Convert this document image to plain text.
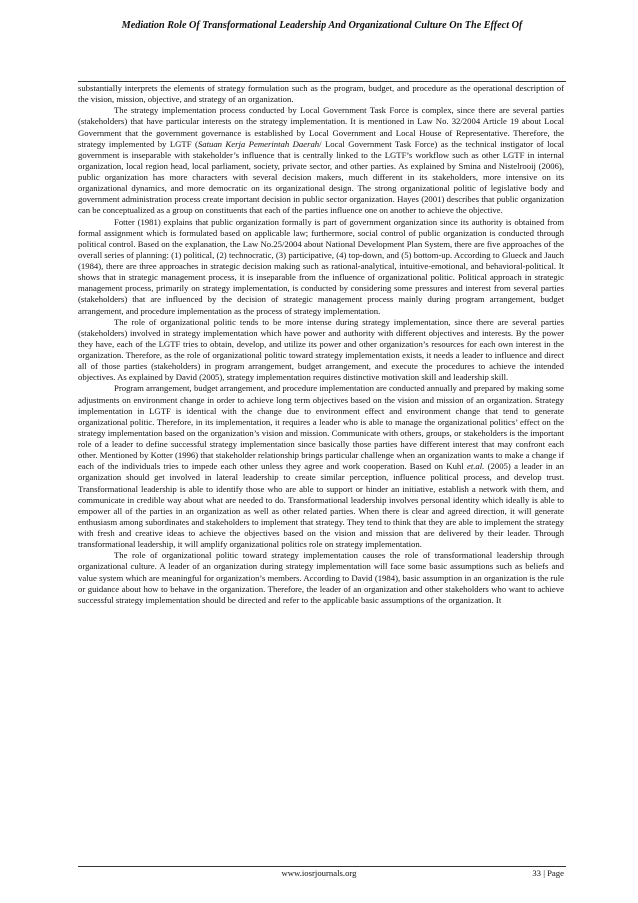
Mediation Role Of Transformational Leadership And Organizational Culture On The Effect Of

substantially interprets the elements of strategy formulation such as the program, budget, and procedure as the operational description of the vision, mission, objective, and strategy of an organization.

The strategy implementation process conducted by Local Government Task Force is complex, since there are several parties (stakeholders) that have particular interests on the strategy implementation. It is mentioned in Law No. 32/2004 Article 19 about Local Government that the government governance is established by Local Government and Local House of Representative. Therefore, the strategy implemented by LGTF (Satuan Kerja Pemerintah Daerah/ Local Government Task Force) as the technical instigator of local government is inseparable with stakeholder’s influence that is centrally linked to the LGTF’s workflow such as other LGTF in internal organization, local region head, local parliament, society, private sector, and other parties. As explained by Smina and Nistelrooij (2006), public organization has more characters with several decision makers, much different in its stakeholders, more intensive on its organizational dynamics, and more democratic on its organizational design. The strong organizational politic of legislative body and government administration process create important decision in public sector organization. Hayes (2001) describes that public organization can be conceptualized as a group on constituents that each of the parties influence one on another to achieve the objective.

Fotter (1981) explains that public organization formally is part of government organization since its authority is obtained from formal assignment which is formulated based on applicable law; furthermore, social control of public organization is conducted through political control. Based on the explanation, the Law No.25/2004 about National Development Plan System, there are five approaches of the overall series of planning: (1) political, (2) technocratic, (3) participative, (4) top-down, and (5) bottom-up. According to Glueck and Jauch (1984), there are three approaches in strategic decision making such as rational-analytical, intuitive-emotional, and behavioral-political. It shows that in strategic management process, it is inseparable from the influence of organizational politic. Political approach in strategic management process, primarily on strategy implementation, is conducted by considering some pressures and interest from several parties (stakeholders) that are influenced by the decision of strategic management process mainly during program arrangement, budget arrangement, and procedure implementation as the process of strategy implementation.

The role of organizational politic tends to be more intense during strategy implementation, since there are several parties (stakeholders) involved in strategy implementation which have power and authority with different objectives and interests. By the power they have, each of the LGTF tries to obtain, develop, and utilize its power and other organization’s resources for each own interest in the organization. Therefore, as the role of organizational politic toward strategy implementation exists, it needs a leader to influence and direct all of those parties (stakeholders) in program arrangement, budget arrangement, and execute the procedures to achieve the intended objectives. As explained by David (2005), strategy implementation requires distinctive motivation skill and leadership skill.

Program arrangement, budget arrangement, and procedure implementation are conducted annually and prepared by making some adjustments on environment change in order to achieve long term objectives based on the vision and mission of an organization. Strategy implementation in LGTF is identical with the change due to environment effect and environment change that tend to generate organizational politic. Therefore, in its implementation, it requires a leader who is able to manage the organizational politics’ effect on the strategy implementation based on the organization’s vision and mission. Communicate with others, groups, or stakeholders is the important role of a leader to define successful strategy implementation since basically those parties have different interest that may confront each other. Mentioned by Kotter (1996) that stakeholder relationship brings particular challenge when an organization wants to make a change if each of the individuals tries to impede each other unless they agree and work cooperation. Based on Kuhl et.al. (2005) a leader in an organization should get involved in lateral leadership to create similar perception, influence political process, and develop trust. Transformational leadership is able to identify those who are able to support or hinder an initiative, establish a network with them, and communicate in credible way about what are needed to do. Transformational leadership involves personal identity which ideally is able to empower all of the parties in an organization as well as other related parties. When there is clear and agreed direction, it will generate enthusiasm among subordinates and stakeholders to implement that strategy. They tend to think that they are able to implement the strategy with fresh and creative ideas to achieve the objectives based on the vision and mission that are delivered by their leader. Through transformational leadership, it will amplify organizational politics role on strategy implementation.

The role of organizational politic toward strategy implementation causes the role of transformational leadership through organizational culture. A leader of an organization during strategy implementation will face some basic assumptions such as beliefs and value system which are meaningful for organization’s members. According to David (1984), basic assumption in an organization is the rule or guidance about how to behave in the organization. Therefore, the leader of an organization and other stakeholders who want to achieve successful strategy implementation should be directed and refer to the applicable basic assumptions of the organization. It

www.iosrjournals.org	33 | Page
